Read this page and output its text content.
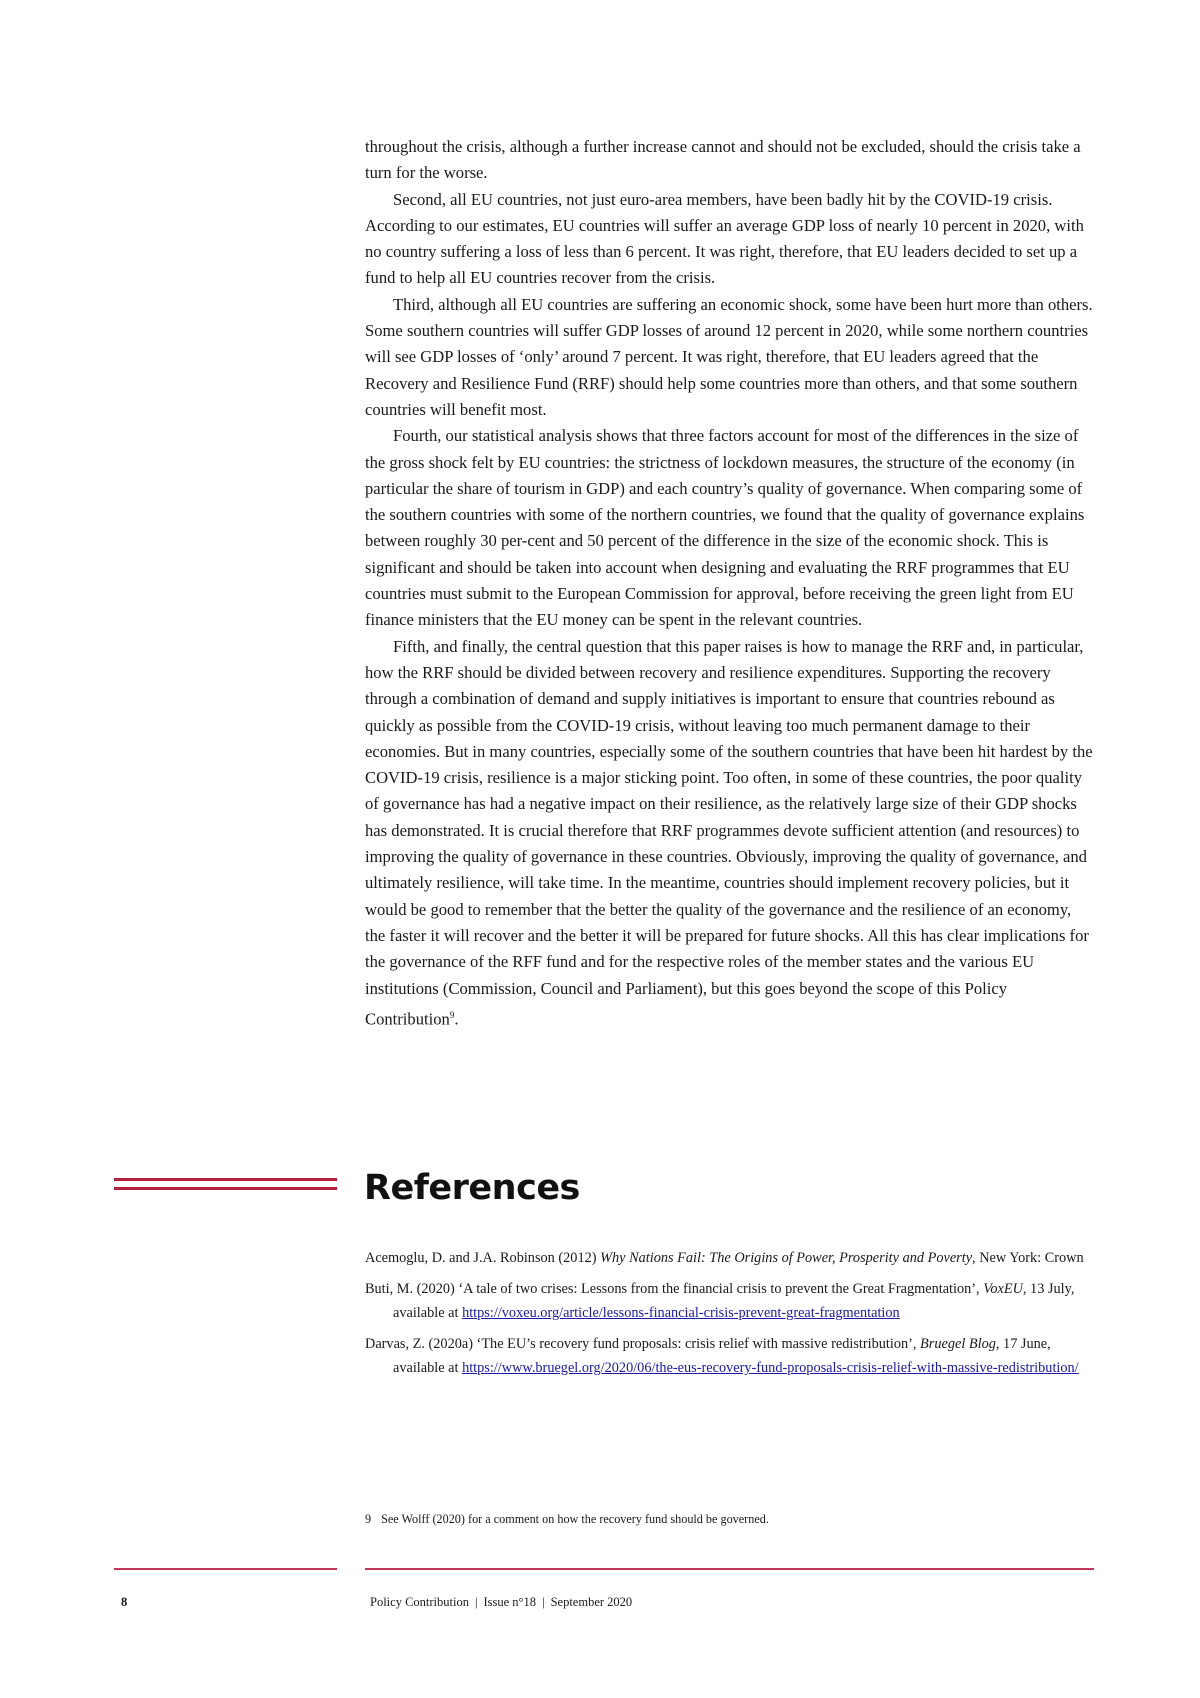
throughout the crisis, although a further increase cannot and should not be excluded, should the crisis take a turn for the worse.

Second, all EU countries, not just euro-area members, have been badly hit by the COVID-19 crisis. According to our estimates, EU countries will suffer an average GDP loss of nearly 10 percent in 2020, with no country suffering a loss of less than 6 percent. It was right, therefore, that EU leaders decided to set up a fund to help all EU countries recover from the crisis.

Third, although all EU countries are suffering an economic shock, some have been hurt more than others. Some southern countries will suffer GDP losses of around 12 percent in 2020, while some northern countries will see GDP losses of ‘only’ around 7 percent. It was right, therefore, that EU leaders agreed that the Recovery and Resilience Fund (RRF) should help some countries more than others, and that some southern countries will benefit most.

Fourth, our statistical analysis shows that three factors account for most of the differences in the size of the gross shock felt by EU countries: the strictness of lockdown measures, the structure of the economy (in particular the share of tourism in GDP) and each country’s quality of governance. When comparing some of the southern countries with some of the northern countries, we found that the quality of governance explains between roughly 30 per-cent and 50 percent of the difference in the size of the economic shock. This is significant and should be taken into account when designing and evaluating the RRF programmes that EU countries must submit to the European Commission for approval, before receiving the green light from EU finance ministers that the EU money can be spent in the relevant countries.

Fifth, and finally, the central question that this paper raises is how to manage the RRF and, in particular, how the RRF should be divided between recovery and resilience expenditures. Supporting the recovery through a combination of demand and supply initiatives is important to ensure that countries rebound as quickly as possible from the COVID-19 crisis, without leaving too much permanent damage to their economies. But in many countries, especially some of the southern countries that have been hit hardest by the COVID-19 crisis, resilience is a major sticking point. Too often, in some of these countries, the poor quality of governance has had a negative impact on their resilience, as the relatively large size of their GDP shocks has demonstrated. It is crucial therefore that RRF programmes devote sufficient attention (and resources) to improving the quality of governance in these countries. Obviously, improving the quality of governance, and ultimately resilience, will take time. In the meantime, countries should implement recovery policies, but it would be good to remember that the better the quality of the governance and the resilience of an economy, the faster it will recover and the better it will be prepared for future shocks. All this has clear implications for the governance of the RFF fund and for the respective roles of the member states and the various EU institutions (Commission, Council and Parliament), but this goes beyond the scope of this Policy Contribution$^9$.

References
Acemoglu, D. and J.A. Robinson (2012) Why Nations Fail: The Origins of Power, Prosperity and Poverty, New York: Crown
Buti, M. (2020) ‘A tale of two crises: Lessons from the financial crisis to prevent the Great Fragmentation’, VoxEU, 13 July, available at https://voxeu.org/article/lessons-financial-crisis-prevent-great-fragmentation
Darvas, Z. (2020a) ‘The EU’s recovery fund proposals: crisis relief with massive redistribution’, Bruegel Blog, 17 June, available at https://www.bruegel.org/2020/06/the-eus-recovery-fund-proposals-crisis-relief-with-massive-redistribution/
9 See Wolff (2020) for a comment on how the recovery fund should be governed.
8	Policy Contribution | Issue n°18 | September 2020
